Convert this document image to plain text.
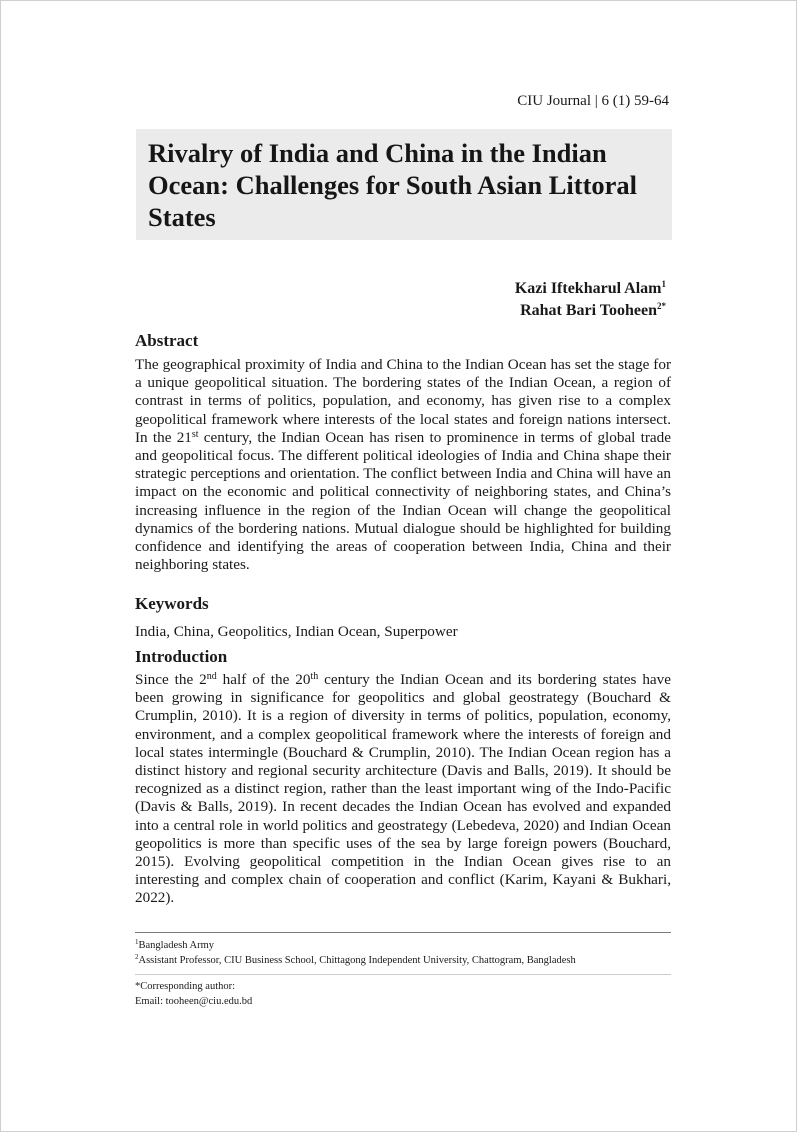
CIU Journal | 6 (1) 59-64
Rivalry of India and China in the Indian Ocean: Challenges for South Asian Littoral States
Kazi Iftekharul Alam$^1$
Rahat Bari Tooheen$^{2*}$
Abstract

The geographical proximity of India and China to the Indian Ocean has set the stage for a unique geopolitical situation. The bordering states of the Indian Ocean, a region of contrast in terms of politics, population, and economy, has given rise to a complex geopolitical framework where interests of the local states and foreign nations intersect. In the 21st century, the Indian Ocean has risen to prominence in terms of global trade and geopolitical focus. The different political ideologies of India and China shape their strategic perceptions and orientation. The conflict between India and China will have an impact on the economic and political connectivity of neighboring states, and China’s increasing influence in the region of the Indian Ocean will change the geopolitical dynamics of the bordering nations. Mutual dialogue should be highlighted for building confidence and identifying the areas of cooperation between India, China and their neighboring states.

Keywords

India, China, Geopolitics, Indian Ocean, Superpower

Introduction

Since the 2nd half of the 20th century the Indian Ocean and its bordering states have been growing in significance for geopolitics and global geostrategy (Bouchard & Crumplin, 2010). It is a region of diversity in terms of politics, population, economy, environment, and a complex geopolitical framework where the interests of foreign and local states intermingle (Bouchard & Crumplin, 2010). The Indian Ocean region has a distinct history and regional security architecture (Davis and Balls, 2019). It should be recognized as a distinct region, rather than the least important wing of the Indo-Pacific (Davis & Balls, 2019). In recent decades the Indian Ocean has evolved and expanded into a central role in world politics and geostrategy (Lebedeva, 2020) and Indian Ocean geopolitics is more than specific uses of the sea by large foreign powers (Bouchard, 2015). Evolving geopolitical competition in the Indian Ocean gives rise to an interesting and complex chain of cooperation and conflict (Karim, Kayani & Bukhari, 2022).

$^1$Bangladesh Army

$^2$Assistant Professor, CIU Business School, Chittagong Independent University, Chattogram, Bangladesh

*Corresponding author:

Email: tooheen@ciu.edu.bd
